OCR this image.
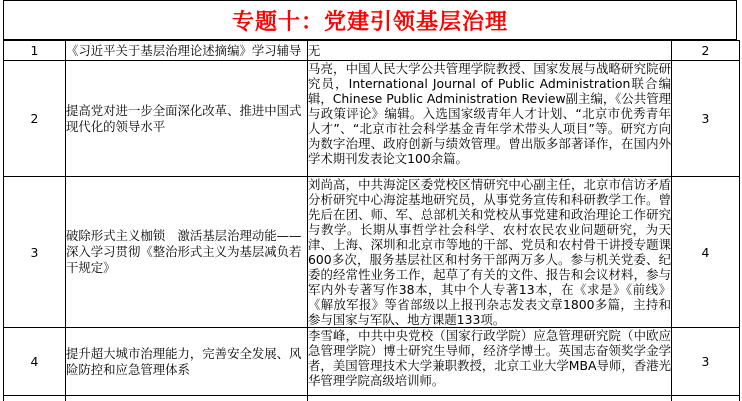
专题十：党建引领基层治理
1	《习近平关于基层治理论述摘编》学习辅导	无	2
2	提高党对进一步全面深化改革、推进中国式现代化的领导水平	马亮，中国人民大学公共管理学院教授、国家发展与战略研究院研究员，International Journal of Public Administration联合编辑，Chinese Public Administration Review副主编，《公共管理与政策评论》编辑。入选国家级青年人才计划、“北京市优秀青年人才”、“北京市社会科学基金青年学术带头人项目”等。研究方向为数字治理、政府创新与绩效管理。曾出版多部著译作，在国内外学术期刊发表论文100余篇。	3
3	破除形式主义枷锁　激活基层治理动能——深入学习贯彻《整治形式主义为基层减负若干规定》	刘尚高，中共海淀区委党校区情研究中心副主任，北京市信访矛盾分析研究中心海淀基地研究员，从事党务宣传和科研教学工作。曾先后在团、师、军、总部机关和党校从事党建和政治理论工作研究与教学。长期从事哲学社会科学、农村农民农业问题研究，为天津、上海、深圳和北京市等地的干部、党员和农村骨干讲授专题课600多次，服务基层社区和村务干部两万多人。参与机关党委、纪委的经常性业务工作，起草了有关的文件、报告和会议材料，参与军内外专著写作38本，其中个人专著13本，在《求是》《前线》《解放军报》等省部级以上报刊杂志发表文章1800多篇，主持和参与国家与军队、地方课题133项。	4
4	提升超大城市治理能力，完善安全发展、风险防控和应急管理体系	李雪峰，中共中央党校（国家行政学院）应急管理研究院（中欧应急管理学院）博士研究生导师，经济学博士。英国志奋领奖学金学者，美国管理技术大学兼职教授，北京工业大学MBA导师，香港光华管理学院高级培训师。	3
